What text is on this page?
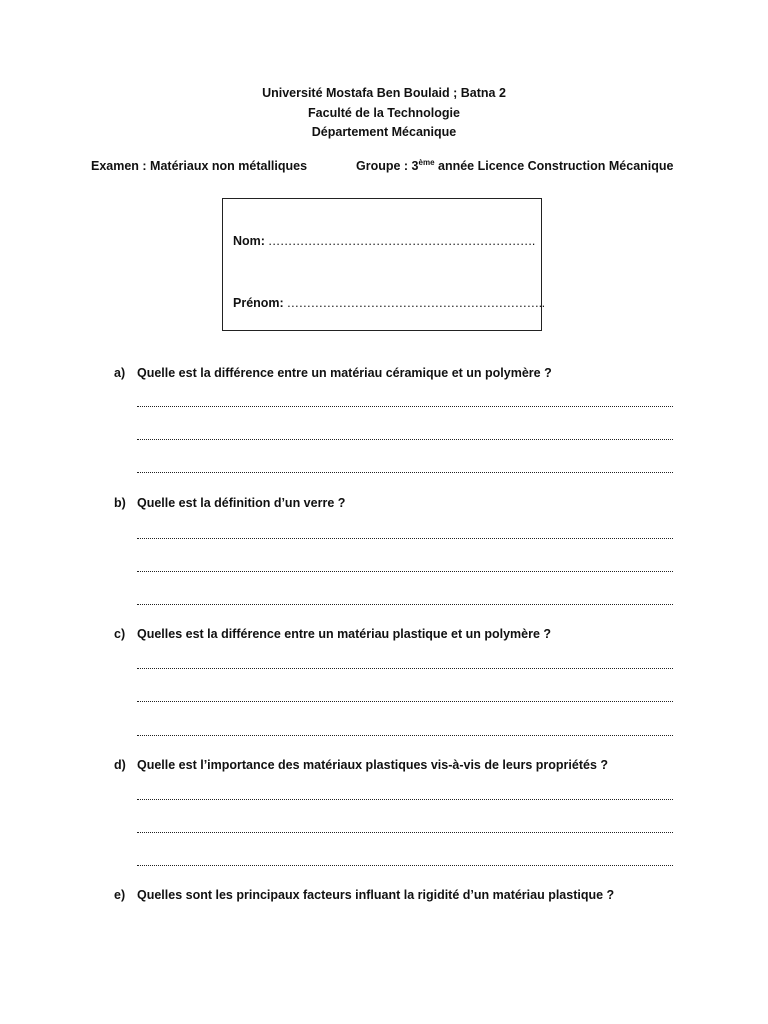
Université Mostafa Ben Boulaid ; Batna 2
Faculté de la Technologie
Département Mécanique
Examen : Matériaux non métalliques	Groupe : 3ème année Licence Construction Mécanique
Nom: ………………………………………………………….
Prénom: ………………………………………………………..
a) Quelle est la différence entre un matériau céramique et un polymère ?
b) Quelle est la définition d’un verre ?
c) Quelles est la différence entre un matériau plastique et un polymère ?
d) Quelle est l’importance des matériaux plastiques vis-à-vis de leurs propriétés ?
e) Quelles sont les principaux facteurs influant la rigidité d’un matériau plastique ?
